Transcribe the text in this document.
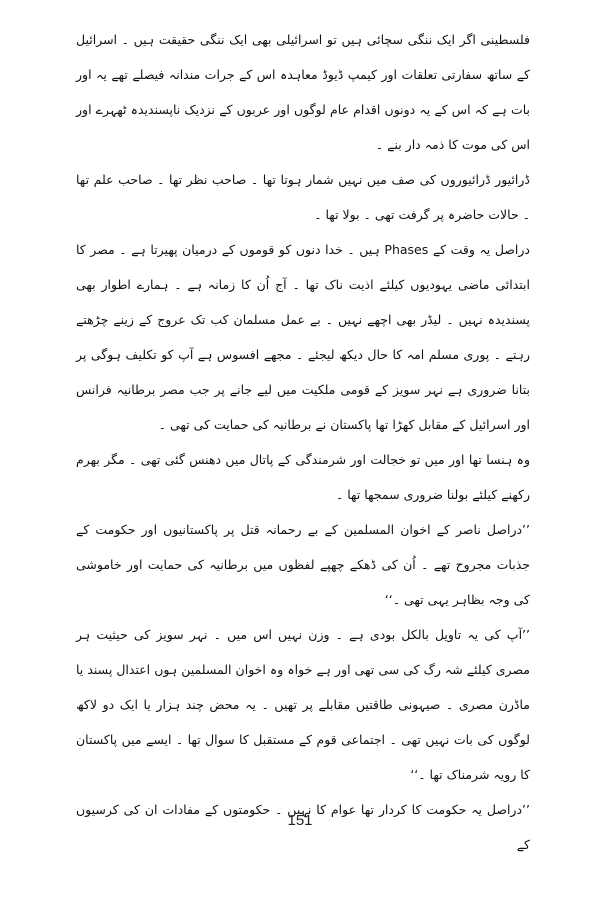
فلسطینی اگر ایک ننگی سچائی ہیں تو اسرائیلی بھی ایک ننگی حقیقت ہیں ۔ اسرائیل کے ساتھ سفارتی تعلقات اور کیمپ ڈیوڈ معاہدہ اس کے جرات مندانہ فیصلے تھے یہ اور بات ہے کہ اس کے یہ دونوں اقدام عام لوگوں اور عربوں کے نزدیک ناپسندیدہ ٹھہرے اور اس کی موت کا ذمہ دار بنے ۔

ڈرائیور ڈرائیوروں کی صف میں نہیں شمار ہوتا تھا ۔ صاحب نظر تھا ۔ صاحب علم تھا ۔ حالات حاضرہ پر گرفت تھی ۔ بولا تھا ۔

دراصل یہ وقت کے Phases ہیں ۔ خدا دنوں کو قوموں کے درمیان پھیرتا ہے ۔ مصر کا ابتدائی ماضی یہودیوں کیلئے اذیت ناک تھا ۔ آج اُن کا زمانہ ہے ۔ ہمارے اطوار بھی پسندیدہ نہیں ۔ لیڈر بھی اچھے نہیں ۔ بے عمل مسلمان کب تک عروج کے زینے چڑھتے رہتے ۔ پوری مسلم امہ کا حال دیکھ لیجئے ۔ مجھے افسوس ہے آپ کو تکلیف ہوگی پر بتانا ضروری ہے نہر سویز کے قومی ملکیت میں لیے جانے پر جب مصر برطانیہ فرانس اور اسرائیل کے مقابل کھڑا تھا پاکستان نے برطانیہ کی حمایت کی تھی ۔

وہ ہنسا تھا اور میں تو خجالت اور شرمندگی کے پاتال میں دھنس گئی تھی ۔ مگر بھرم رکھنے کیلئے بولنا ضروری سمجھا تھا ۔

’’دراصل ناصر کے اخوان المسلمین کے بے رحمانہ قتل پر پاکستانیوں اور حکومت کے جذبات مجروح تھے ۔ اُن کی ڈھکے چھپے لفظوں میں برطانیہ کی حمایت اور خاموشی کی وجہ بظاہر یہی تھی ۔‘‘

’’آپ کی یہ تاویل بالکل بودی ہے ۔ وزن نہیں اس میں ۔ نہر سویز کی حیثیت ہر مصری کیلئے شہ رگ کی سی تھی اور ہے خواہ وہ اخوان المسلمین ہوں اعتدال پسند یا ماڈرن مصری ۔ صیہونی طاقتیں مقابلے پر تھیں ۔ یہ محض چند ہزار یا ایک دو لاکھ لوگوں کی بات نہیں تھی ۔ اجتماعی قوم کے مستقبل کا سوال تھا ۔ ایسے میں پاکستان کا رویہ شرمناک تھا ۔‘‘

’’دراصل یہ حکومت کا کردار تھا عوام کا نہیں ۔ حکومتوں کے مفادات ان کی کرسیوں کے

151
